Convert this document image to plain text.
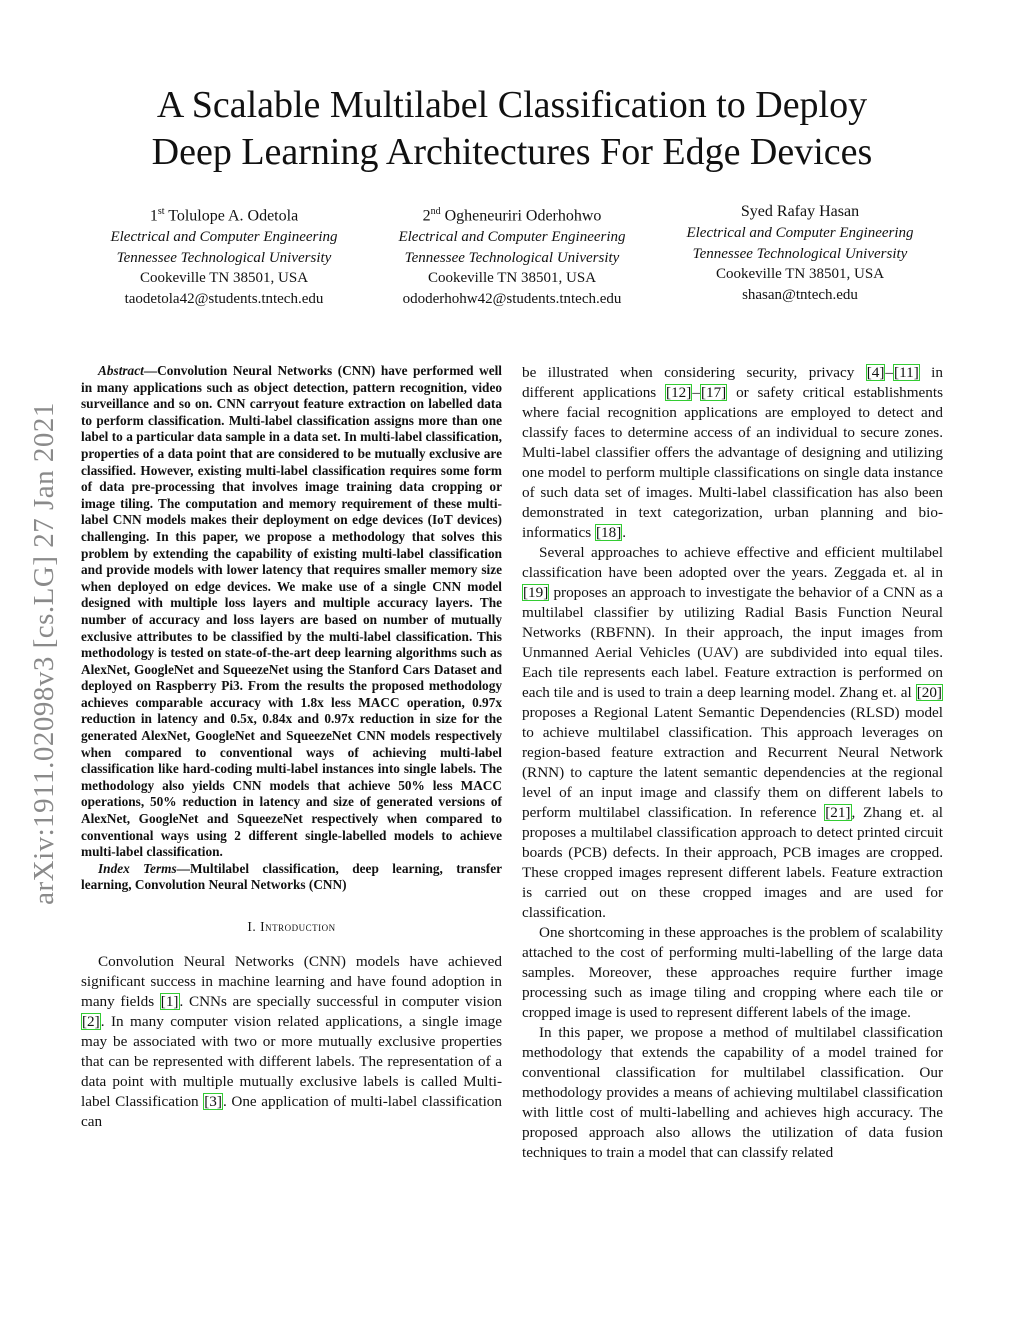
arXiv:1911.02098v3 [cs.LG] 27 Jan 2021
A Scalable Multilabel Classification to Deploy
Deep Learning Architectures For Edge Devices
1st Tolulope A. Odetola
Electrical and Computer Engineering
Tennessee Technological University
Cookeville TN 38501, USA
taodetola42@students.tntech.edu
2nd Ogheneuriri Oderhohwo
Electrical and Computer Engineering
Tennessee Technological University
Cookeville TN 38501, USA
ododerhohw42@students.tntech.edu
Syed Rafay Hasan
Electrical and Computer Engineering
Tennessee Technological University
Cookeville TN 38501, USA
shasan@tntech.edu

Abstract—Convolution Neural Networks (CNN) have performed well in many applications such as object detection, pattern recognition, video surveillance and so on. CNN carryout feature extraction on labelled data to perform classification. Multi-label classification assigns more than one label to a particular data sample in a data set. In multi-label classification, properties of a data point that are considered to be mutually exclusive are classified. However, existing multi-label classification requires some form of data pre-processing that involves image training data cropping or image tiling. The computation and memory requirement of these multi-label CNN models makes their deployment on edge devices (IoT devices) challenging. In this paper, we propose a methodology that solves this problem by extending the capability of existing multi-label classification and provide models with lower latency that requires smaller memory size when deployed on edge devices. We make use of a single CNN model designed with multiple loss layers and multiple accuracy layers. The number of accuracy and loss layers are based on number of mutually exclusive attributes to be classified by the multi-label classification. This methodology is tested on state-of-the-art deep learning algorithms such as AlexNet, GoogleNet and SqueezeNet using the Stanford Cars Dataset and deployed on Raspberry Pi3. From the results the proposed methodology achieves comparable accuracy with 1.8x less MACC operation, 0.97x reduction in latency and 0.5x, 0.84x and 0.97x reduction in size for the generated AlexNet, GoogleNet and SqueezeNet CNN models respectively when compared to conventional ways of achieving multi-label classification like hard-coding multi-label instances into single labels. The methodology also yields CNN models that achieve 50% less MACC operations, 50% reduction in latency and size of generated versions of AlexNet, GoogleNet and SqueezeNet respectively when compared to conventional ways using 2 different single-labelled models to achieve multi-label classification.

Index Terms—Multilabel classification, deep learning, transfer learning, Convolution Neural Networks (CNN)

I. Introduction

Convolution Neural Networks (CNN) models have achieved significant success in machine learning and have found adoption in many fields [1]. CNNs are specially successful in computer vision [2]. In many computer vision related applications, a single image may be associated with two or more mutually exclusive properties that can be represented with different labels. The representation of a data point with multiple mutually exclusive labels is called Multi-label Classification [3]. One application of multi-label classification can

be illustrated when considering security, privacy [4]–[11] in different applications [12]–[17] or safety critical establishments where facial recognition applications are employed to detect and classify faces to determine access of an individual to secure zones. Multi-label classifier offers the advantage of designing and utilizing one model to perform multiple classifications on single data instance of such data set of images. Multi-label classification has also been demonstrated in text categorization, urban planning and bio-informatics [18].

Several approaches to achieve effective and efficient multilabel classification have been adopted over the years. Zeggada et. al in [19] proposes an approach to investigate the behavior of a CNN as a multilabel classifier by utilizing Radial Basis Function Neural Networks (RBFNN). In their approach, the input images from Unmanned Aerial Vehicles (UAV) are subdivided into equal tiles. Each tile represents each label. Feature extraction is performed on each tile and is used to train a deep learning model. Zhang et. al [20] proposes a Regional Latent Semantic Dependencies (RLSD) model to achieve multilabel classification. This approach leverages on region-based feature extraction and Recurrent Neural Network (RNN) to capture the latent semantic dependencies at the regional level of an input image and classify them on different labels to perform multilabel classification. In reference [21], Zhang et. al proposes a multilabel classification approach to detect printed circuit boards (PCB) defects. In their approach, PCB images are cropped. These cropped images represent different labels. Feature extraction is carried out on these cropped images and are used for classification.

One shortcoming in these approaches is the problem of scalability attached to the cost of performing multi-labelling of the large data samples. Moreover, these approaches require further image processing such as image tiling and cropping where each tile or cropped image is used to represent different labels of the image.

In this paper, we propose a method of multilabel classification methodology that extends the capability of a model trained for conventional classification for multilabel classification. Our methodology provides a means of achieving multilabel classification with little cost of multi-labelling and achieves high accuracy. The proposed approach also allows the utilization of data fusion techniques to train a model that can classify related
